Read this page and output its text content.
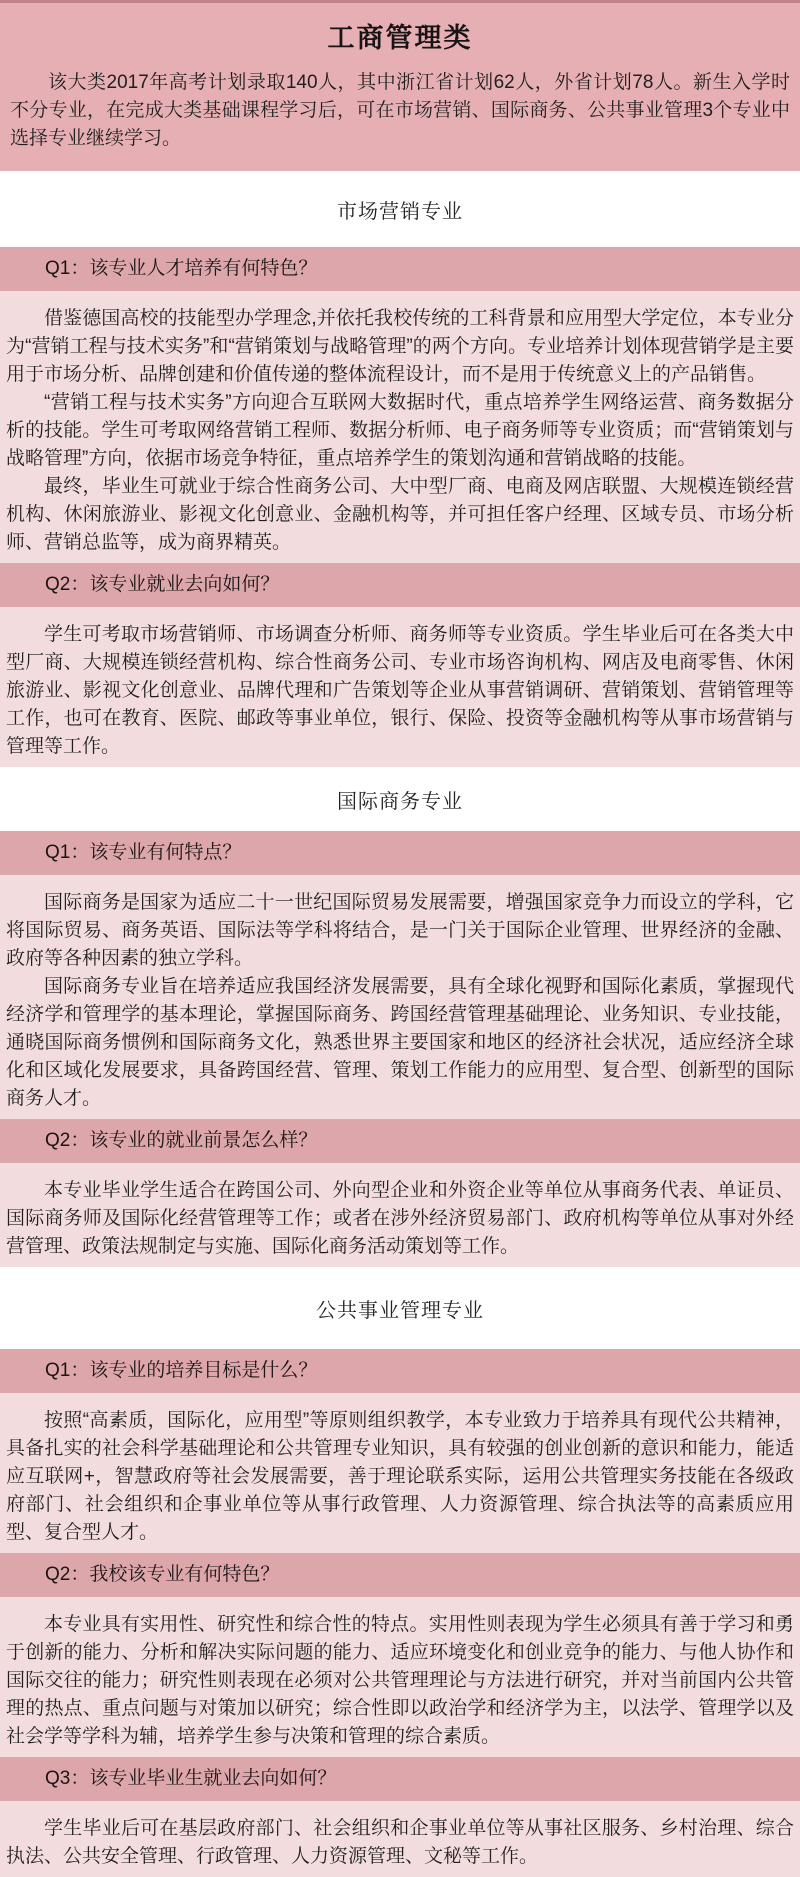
工商管理类

该大类2017年高考计划录取140人，其中浙江省计划62人，外省计划78人。新生入学时不分专业，在完成大类基础课程学习后，可在市场营销、国际商务、公共事业管理3个专业中选择专业继续学习。

市场营销专业
Q1：该专业人才培养有何特色？

借鉴德国高校的技能型办学理念,并依托我校传统的工科背景和应用型大学定位，本专业分为“营销工程与技术实务”和“营销策划与战略管理”的两个方向。专业培养计划体现营销学是主要用于市场分析、品牌创建和价值传递的整体流程设计，而不是用于传统意义上的产品销售。

“营销工程与技术实务”方向迎合互联网大数据时代，重点培养学生网络运营、商务数据分析的技能。学生可考取网络营销工程师、数据分析师、电子商务师等专业资质；而“营销策划与战略管理”方向，依据市场竞争特征，重点培养学生的策划沟通和营销战略的技能。

最终，毕业生可就业于综合性商务公司、大中型厂商、电商及网店联盟、大规模连锁经营机构、休闲旅游业、影视文化创意业、金融机构等，并可担任客户经理、区域专员、市场分析师、营销总监等，成为商界精英。

Q2：该专业就业去向如何？

学生可考取市场营销师、市场调查分析师、商务师等专业资质。学生毕业后可在各类大中型厂商、大规模连锁经营机构、综合性商务公司、专业市场咨询机构、网店及电商零售、休闲旅游业、影视文化创意业、品牌代理和广告策划等企业从事营销调研、营销策划、营销管理等工作，也可在教育、医院、邮政等事业单位，银行、保险、投资等金融机构等从事市场营销与管理等工作。

国际商务专业
Q1：该专业有何特点？

国际商务是国家为适应二十一世纪国际贸易发展需要，增强国家竞争力而设立的学科，它将国际贸易、商务英语、国际法等学科将结合，是一门关于国际企业管理、世界经济的金融、政府等各种因素的独立学科。

国际商务专业旨在培养适应我国经济发展需要，具有全球化视野和国际化素质，掌握现代经济学和管理学的基本理论，掌握国际商务、跨国经营管理基础理论、业务知识、专业技能，通晓国际商务惯例和国际商务文化，熟悉世界主要国家和地区的经济社会状况，适应经济全球化和区域化发展要求，具备跨国经营、管理、策划工作能力的应用型、复合型、创新型的国际商务人才。

Q2：该专业的就业前景怎么样？

本专业毕业学生适合在跨国公司、外向型企业和外资企业等单位从事商务代表、单证员、国际商务师及国际化经营管理等工作；或者在涉外经济贸易部门、政府机构等单位从事对外经营管理、政策法规制定与实施、国际化商务活动策划等工作。

公共事业管理专业
Q1：该专业的培养目标是什么？

按照“高素质，国际化，应用型”等原则组织教学，本专业致力于培养具有现代公共精神，具备扎实的社会科学基础理论和公共管理专业知识，具有较强的创业创新的意识和能力，能适应互联网+，智慧政府等社会发展需要，善于理论联系实际，运用公共管理实务技能在各级政府部门、社会组织和企事业单位等从事行政管理、人力资源管理、综合执法等的高素质应用型、复合型人才。

Q2：我校该专业有何特色？

本专业具有实用性、研究性和综合性的特点。实用性则表现为学生必须具有善于学习和勇于创新的能力、分析和解决实际问题的能力、适应环境变化和创业竞争的能力、与他人协作和国际交往的能力；研究性则表现在必须对公共管理理论与方法进行研究，并对当前国内公共管理的热点、重点问题与对策加以研究；综合性即以政治学和经济学为主，以法学、管理学以及社会学等学科为辅，培养学生参与决策和管理的综合素质。

Q3：该专业毕业生就业去向如何？

学生毕业后可在基层政府部门、社会组织和企事业单位等从事社区服务、乡村治理、综合执法、公共安全管理、行政管理、人力资源管理、文秘等工作。
